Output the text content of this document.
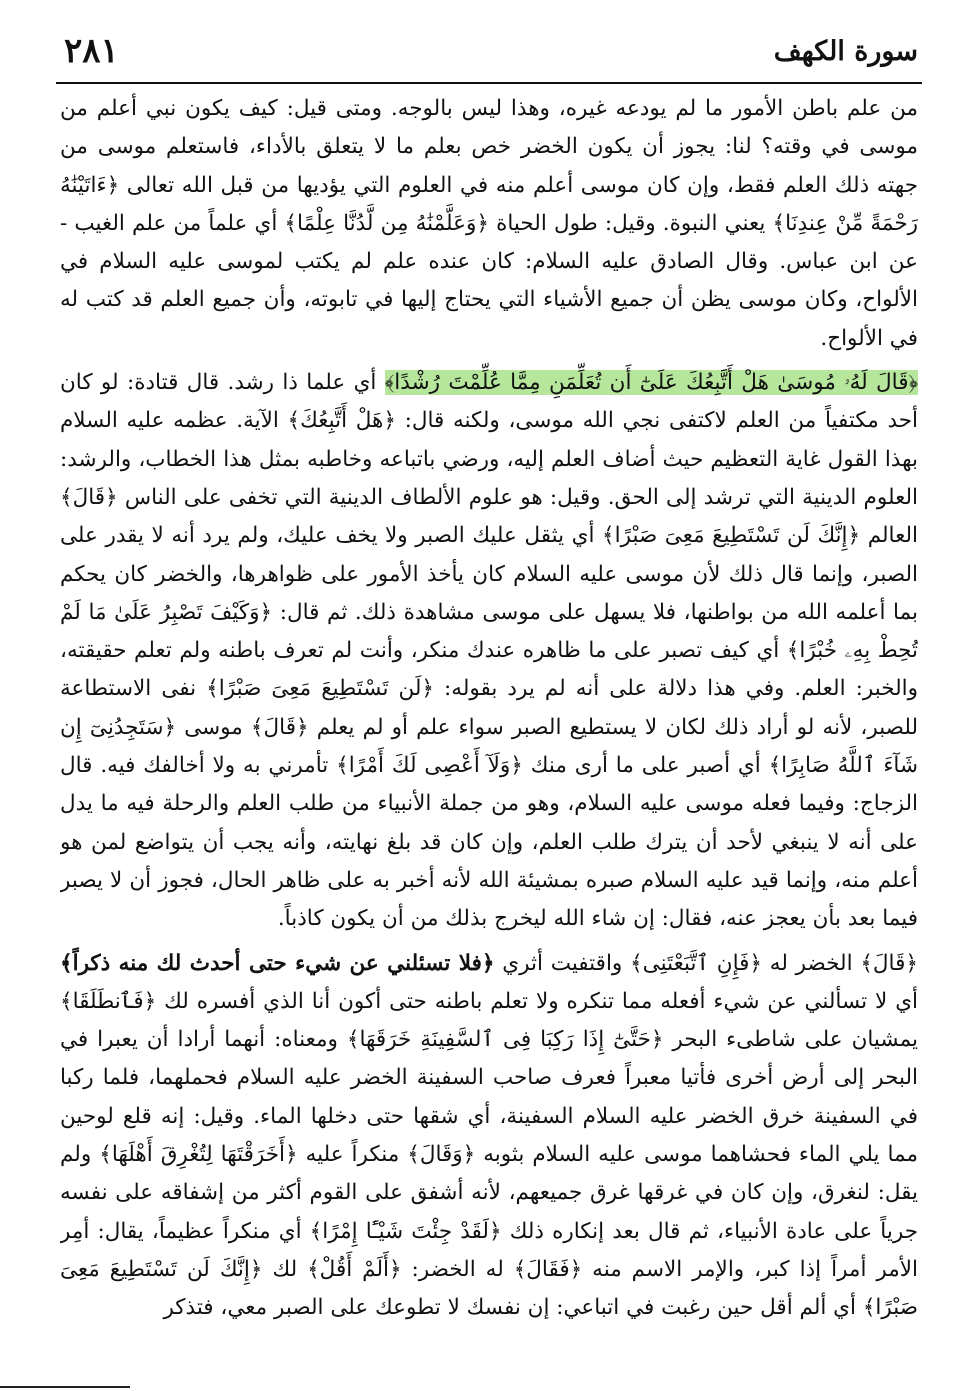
سورة الكهف
٢٨١

من علم باطن الأمور ما لم يودعه غيره، وهذا ليس بالوجه. ومتى قيل: كيف يكون نبي أعلم من موسى في وقته؟ لنا: يجوز أن يكون الخضر خص بعلم ما لا يتعلق بالأداء، فاستعلم موسى من جهته ذلك العلم فقط، وإن كان موسى أعلم منه في العلوم التي يؤديها من قبل الله تعالى ﴿ءَاتَيْنَٰهُ رَحْمَةً مِّنْ عِندِنَا﴾ يعني النبوة. وقيل: طول الحياة ﴿وَعَلَّمْنَٰهُ مِن لَّدُنَّا عِلْمًا﴾ أي علماً من علم الغيب - عن ابن عباس. وقال الصادق عليه السلام: كان عنده علم لم يكتب لموسى عليه السلام في الألواح، وكان موسى يظن أن جميع الأشياء التي يحتاج إليها في تابوته، وأن جميع العلم قد كتب له في الألواح.

﴿قَالَ لَهُۥ مُوسَىٰ هَلْ أَتَّبِعُكَ عَلَىٰٓ أَن تُعَلِّمَنِ مِمَّا عُلِّمْتَ رُشْدًا﴾ أي علما ذا رشد. قال قتادة: لو كان أحد مكتفياً من العلم لاكتفى نجي الله موسى، ولكنه قال: ﴿هَلْ أَتَّبِعُكَ﴾ الآية. عظمه عليه السلام بهذا القول غاية التعظيم حيث أضاف العلم إليه، ورضي باتباعه وخاطبه بمثل هذا الخطاب، والرشد: العلوم الدينية التي ترشد إلى الحق. وقيل: هو علوم الألطاف الدينية التي تخفى على الناس ﴿قَالَ﴾ العالم ﴿إِنَّكَ لَن تَسْتَطِيعَ مَعِىَ صَبْرًا﴾ أي يثقل عليك الصبر ولا يخف عليك، ولم يرد أنه لا يقدر على الصبر، وإنما قال ذلك لأن موسى عليه السلام كان يأخذ الأمور على ظواهرها، والخضر كان يحكم بما أعلمه الله من بواطنها، فلا يسهل على موسى مشاهدة ذلك. ثم قال: ﴿وَكَيْفَ تَصْبِرُ عَلَىٰ مَا لَمْ تُحِطْ بِهِۦ خُبْرًا﴾ أي كيف تصبر على ما ظاهره عندك منكر، وأنت لم تعرف باطنه ولم تعلم حقيقته، والخبر: العلم. وفي هذا دلالة على أنه لم يرد بقوله: ﴿لَن تَسْتَطِيعَ مَعِىَ صَبْرًا﴾ نفى الاستطاعة للصبر، لأنه لو أراد ذلك لكان لا يستطيع الصبر سواء علم أو لم يعلم ﴿قَالَ﴾ موسى ﴿سَتَجِدُنِىٓ إِن شَآءَ ٱللَّهُ صَابِرًا﴾ أي أصبر على ما أرى منك ﴿وَلَآ أَعْصِى لَكَ أَمْرًا﴾ تأمرني به ولا أخالفك فيه. قال الزجاج: وفيما فعله موسى عليه السلام، وهو من جملة الأنبياء من طلب العلم والرحلة فيه ما يدل على أنه لا ينبغي لأحد أن يترك طلب العلم، وإن كان قد بلغ نهايته، وأنه يجب أن يتواضع لمن هو أعلم منه، وإنما قيد عليه السلام صبره بمشيئة الله لأنه أخبر به على ظاهر الحال، فجوز أن لا يصبر فيما بعد بأن يعجز عنه، فقال: إن شاء الله ليخرج بذلك من أن يكون كاذباً.

﴿قَالَ﴾ الخضر له ﴿فَإِنِ ٱتَّبَعْتَنِى﴾ واقتفيت أثري ﴿فلا تسئلني عن شيء حتى أحدث لك منه ذكراً﴾ أي لا تسألني عن شيء أفعله مما تنكره ولا تعلم باطنه حتى أكون أنا الذي أفسره لك ﴿فَٱنطَلَقَا﴾ يمشيان على شاطىء البحر ﴿حَتَّىٰٓ إِذَا رَكِبَا فِى ٱلسَّفِينَةِ خَرَقَهَا﴾ ومعناه: أنهما أرادا أن يعبرا في البحر إلى أرض أخرى فأتيا معبراً فعرف صاحب السفينة الخضر عليه السلام فحملهما، فلما ركبا في السفينة خرق الخضر عليه السلام السفينة، أي شقها حتى دخلها الماء. وقيل: إنه قلع لوحين مما يلي الماء فحشاهما موسى عليه السلام بثوبه ﴿وَقَالَ﴾ منكراً عليه ﴿أَخَرَقْتَهَا لِتُغْرِقَ أَهْلَهَا﴾ ولم يقل: لنغرق، وإن كان في غرقها غرق جميعهم، لأنه أشفق على القوم أكثر من إشفاقه على نفسه جرياً على عادة الأنبياء، ثم قال بعد إنكاره ذلك ﴿لَقَدْ جِئْتَ شَيْـًٔا إِمْرًا﴾ أي منكراً عظيماً، يقال: أمِر الأمر أمراً إذا كبر، والإمر الاسم منه ﴿فَقَالَ﴾ له الخضر: ﴿أَلَمْ أَقُلْ﴾ لك ﴿إِنَّكَ لَن تَسْتَطِيعَ مَعِىَ صَبْرًا﴾ أي ألم أقل حين رغبت في اتباعي: إن نفسك لا تطوعك على الصبر معي، فتذكر
